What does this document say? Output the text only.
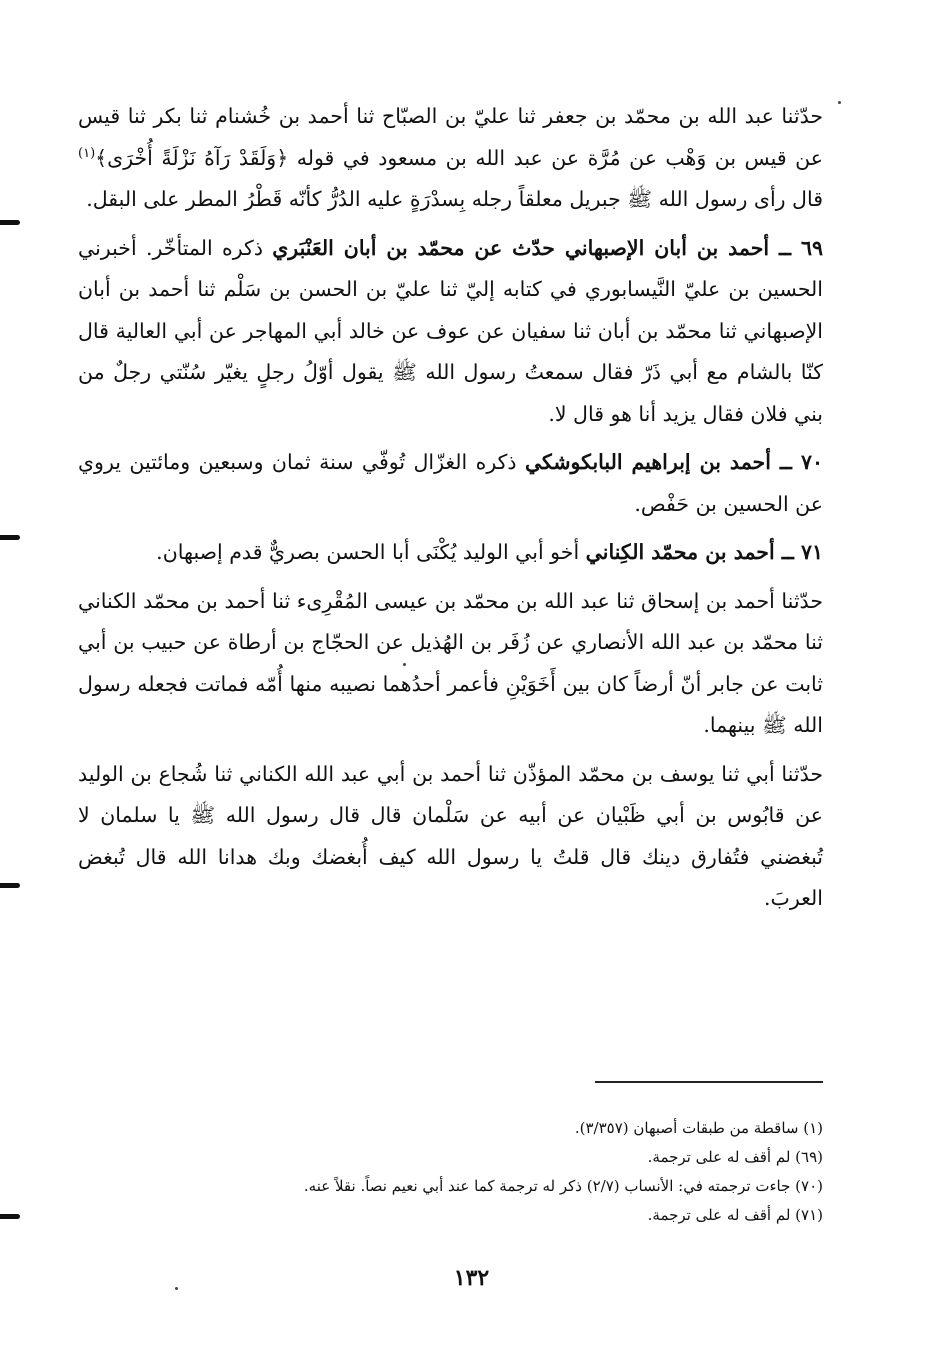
حدّثنا عبد الله بن محمّد بن جعفر ثنا عليّ بن الصبّاح ثنا أحمد بن خُشنام ثنا بكر ثنا قيس عن قيس بن وَهْب عن مُرَّة عن عبد الله بن مسعود في قوله ﴿وَلَقَدْ رَآهُ نَزْلَةً أُخْرَى﴾$^{(١)}$ قال رأى رسول الله ﷺ جبريل معلقاً رجله بِسدْرَةٍ عليه الدُرُّ كأنّه قَطْرُ المطر على البقل.

٦٩ ــ أحمد بن أبان الإصبهاني حدّث عن محمّد بن أبان العَنْبَري ذكره المتأخّر. أخبرني الحسين بن عليّ النَّيسابوري في كتابه إليّ ثنا عليّ بن الحسن بن سَلْم ثنا أحمد بن أبان الإصبهاني ثنا محمّد بن أبان ثنا سفيان عن عوف عن خالد أبي المهاجر عن أبي العالية قال كنّا بالشام مع أبي ذَرّ فقال سمعتُ رسول الله ﷺ يقول أوّلُ رجلٍ يغيّر سُنّتي رجلٌ من بني فلان فقال يزيد أنا هو قال لا.

٧٠ ــ أحمد بن إبراهيم البابكوشكي ذكره الغزّال تُوفّي سنة ثمان وسبعين ومائتين يروي عن الحسين بن حَفْص.

٧١ ــ أحمد بن محمّد الكِناني أخو أبي الوليد يُكْنَى أبا الحسن بصريٌّ قدم إصبهان.

حدّثنا أحمد بن إسحاق ثنا عبد الله بن محمّد بن عيسى المُقْرِىء ثنا أحمد بن محمّد الكناني ثنا محمّد بن عبد الله الأنصاري عن زُفَر بن الهُذيل عن الحجّاج بن أرطاة عن حبيب بن أبي ثابت عن جابر أنّ أرضاً كان بين أَخَوَيْنِ فأعمر أحدُهما نصيبه منها أُمّه فماتت فجعله رسول الله ﷺ بينهما.

حدّثنا أبي ثنا يوسف بن محمّد المؤذّن ثنا أحمد بن أبي عبد الله الكناني ثنا شُجاع بن الوليد عن قابُوس بن أبي ظَبْيان عن أبيه عن سَلْمان قال قال رسول الله ﷺ يا سلمان لا تُبغضني فتُفارق دينك قال قلتُ يا رسول الله كيف أُبغضك وبك هدانا الله قال تُبغض العربَ.

(١) ساقطة من طبقات أصبهان (٣/٣٥٧).

(٦٩) لم أقف له على ترجمة.

(٧٠) جاءت ترجمته في: الأنساب (٢/٧) ذكر له ترجمة كما عند أبي نعيم نصاً. نقلاً عنه.

(٧١) لم أقف له على ترجمة.

١٣٢
